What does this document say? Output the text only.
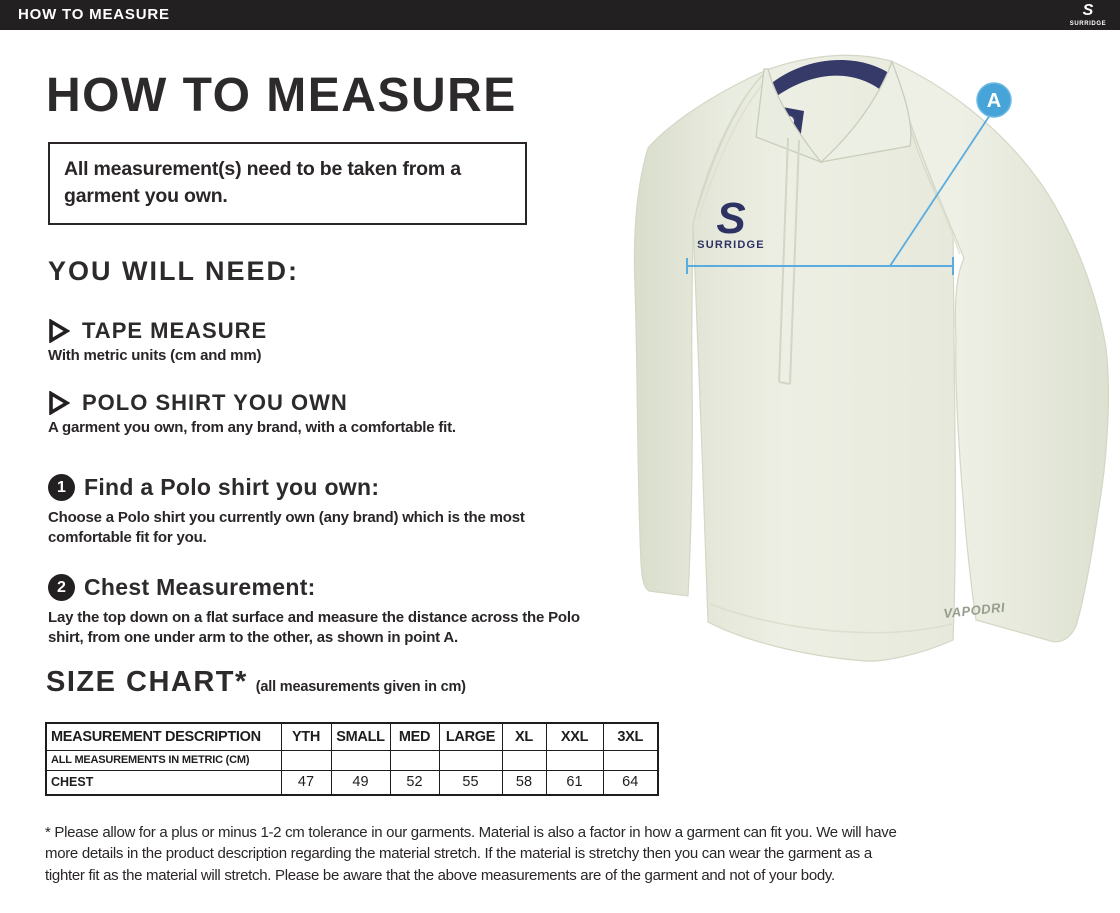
HOW TO MEASURE	S
SURRIDGE
HOW TO MEASURE
All measurement(s) need to be taken from a garment you own.
YOU WILL NEED:
TAPE MEASURE
With metric units (cm and mm)
POLO SHIRT YOU OWN
A garment you own, from any brand, with a comfortable fit.
1 Find a Polo shirt you own:
Choose a Polo shirt you currently own (any brand) which is the most comfortable fit for you.
2 Chest Measurement:
Lay the top down on a flat surface and measure the distance across the Polo shirt, from one under arm to the other, as shown in point A.
SIZE CHART* (all measurements given in cm)
MEASUREMENT DESCRIPTION	YTH	SMALL	MED	LARGE	XL	XXL	3XL
ALL MEASUREMENTS IN METRIC (CM)							
CHEST	47	49	52	55	58	61	64
* Please allow for a plus or minus 1-2 cm tolerance in our garments. Material is also a factor in how a garment can fit you. We will have
more details in the product description regarding the material stretch. If the material is stretchy then you can wear the garment as a
tighter fit as the material will stretch. Please be aware that the above measurements are of the garment and not of your body.
S
SURRIDGE
VAPODRI
A
